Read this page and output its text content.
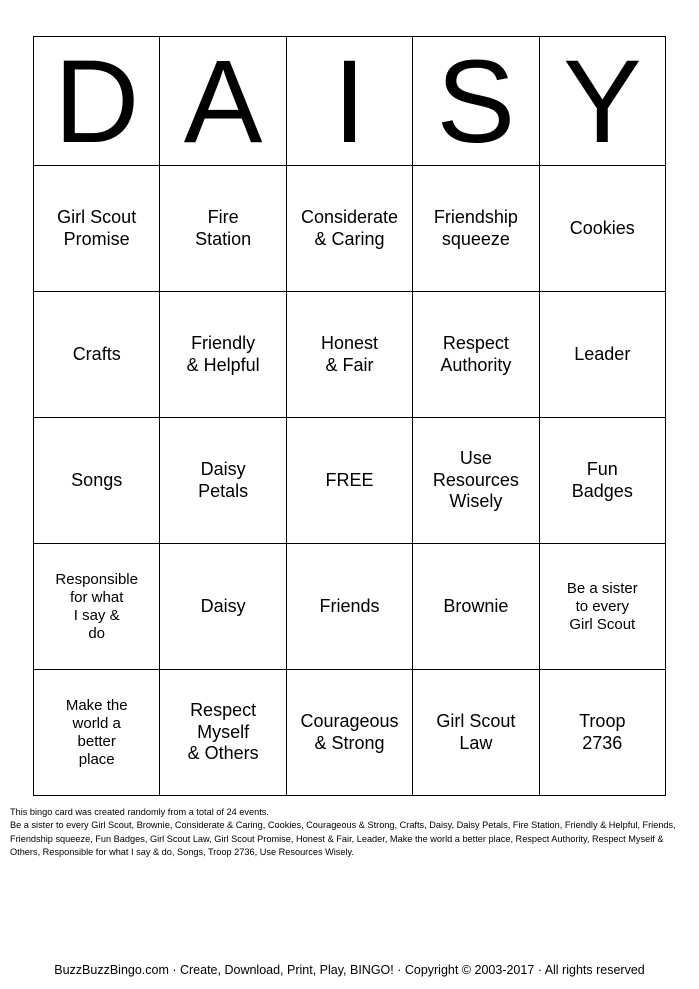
D A I S Y
Girl Scout
Promise
Fire
Station
Considerate
& Caring
Friendship
squeeze
Cookies
Crafts
Friendly
& Helpful
Honest
& Fair
Respect
Authority
Leader
Songs
Daisy
Petals
FREE
Use
Resources
Wisely
Fun
Badges
Responsible
for what
I say &
do
Daisy	Friends	Brownie
Be a sister
to every
Girl Scout
Make the
world a
better
place
Respect
Myself
& Others
Courageous
& Strong
Girl Scout
Law
Troop
2736

This bingo card was created randomly from a total of 24 events.

Be a sister to every Girl Scout, Brownie, Considerate & Caring, Cookies, Courageous & Strong, Crafts, Daisy, Daisy Petals, Fire Station, Friendly & Helpful, Friends, Friendship squeeze, Fun Badges, Girl Scout Law, Girl Scout Promise, Honest & Fair, Leader, Make the world a better place, Respect Authority, Respect Myself & Others, Responsible for what I say & do, Songs, Troop 2736, Use Resources Wisely.

BuzzBuzzBingo.com · Create, Download, Print, Play, BINGO! · Copyright © 2003-2017 · All rights reserved
